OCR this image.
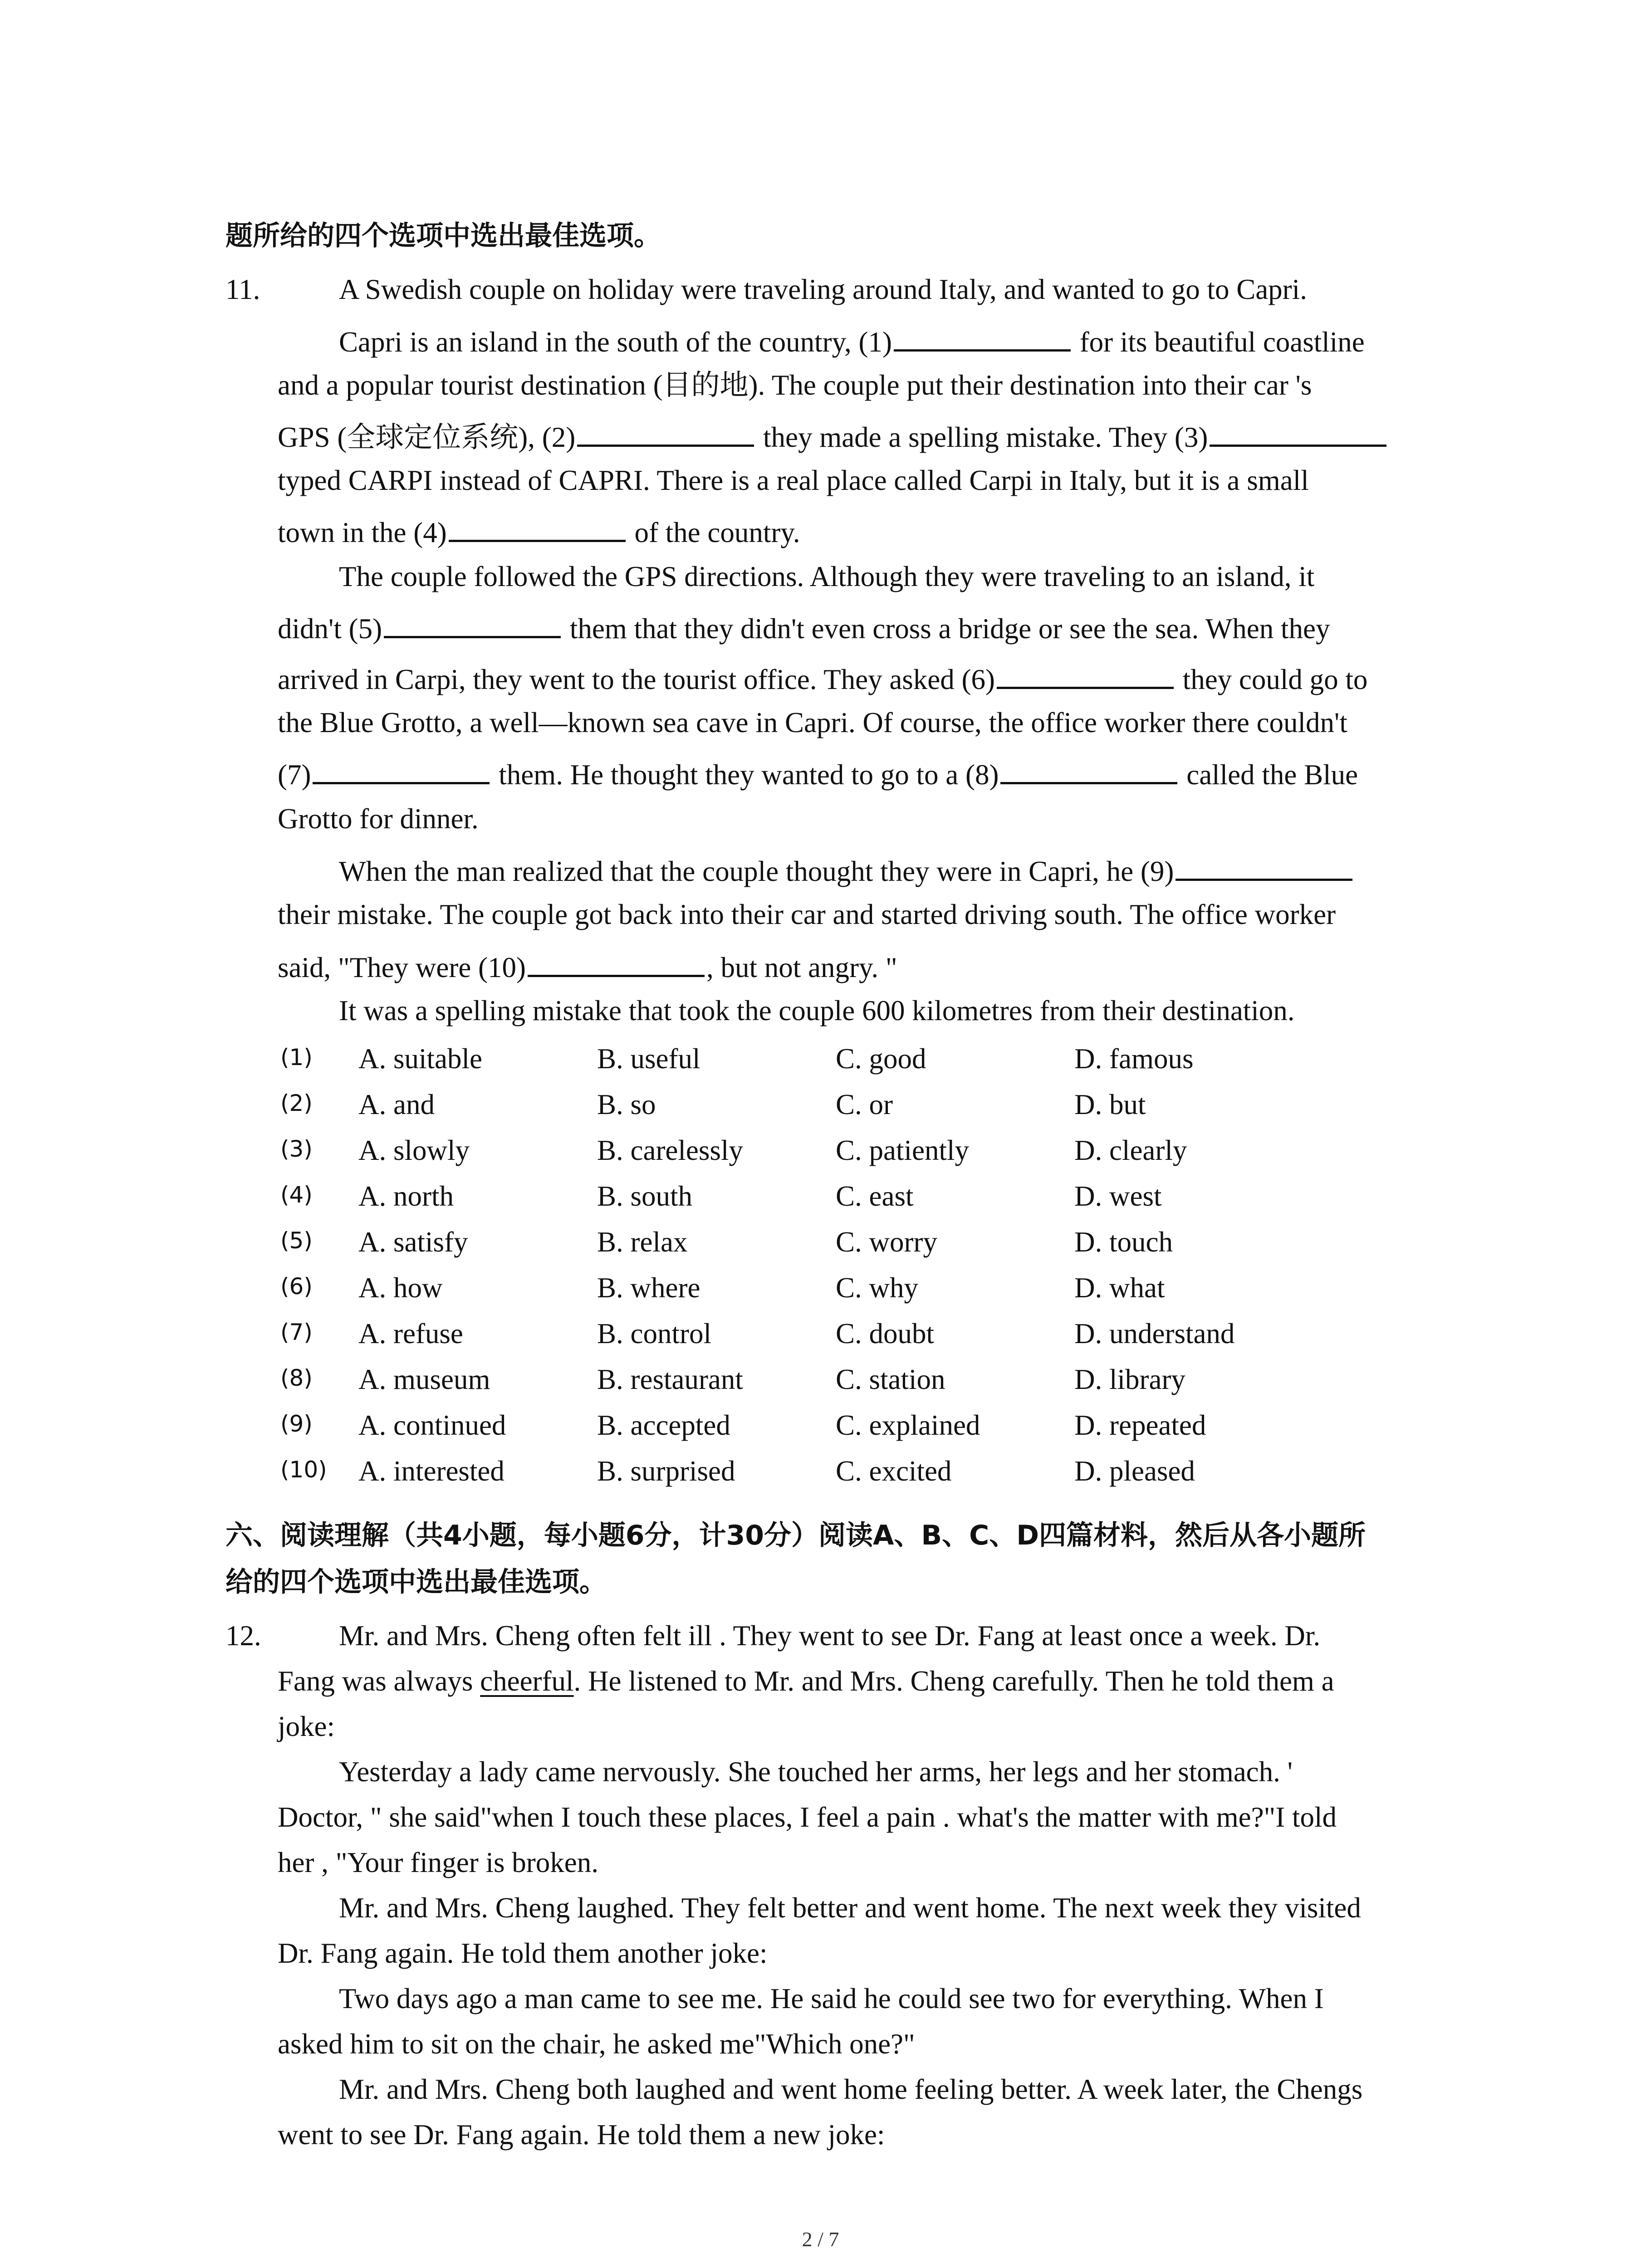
题所给的四个选项中选出最佳选项。
11.	A Swedish couple on holiday were traveling around Italy, and wanted to go to Capri.
Capri is an island in the south of the country, (1)	for its beautiful coastline
and a popular tourist destination (目的地). The couple put their destination into their car 's
GPS (全球定位系统), (2)	they made a spelling mistake. They (3)
typed CARPI instead of CAPRI. There is a real place called Carpi in Italy, but it is a small
town in the (4)	of the country.
The couple followed the GPS directions. Although they were traveling to an island, it
didn't (5)	them that they didn't even cross a bridge or see the sea. When they
arrived in Carpi, they went to the tourist office. They asked (6)	they could go to
the Blue Grotto, a well—known sea cave in Capri. Of course, the office worker there couldn't
(7)	them. He thought they wanted to go to a (8)	called the Blue
Grotto for dinner.
When the man realized that the couple thought they were in Capri, he (9)
their mistake. The couple got back into their car and started driving south. The office worker
said, "They were (10)	, but not angry. "
It was a spelling mistake that took the couple 600 kilometres from their destination.
(1) A. suitable	B. useful	C. good	D. famous
(2) A. and	B. so	C. or	D. but
(3) A. slowly	B. carelessly	C. patiently	D. clearly
(4) A. north	B. south	C. east	D. west
(5) A. satisfy	B. relax	C. worry	D. touch
(6) A. how	B. where	C. why	D. what
(7) A. refuse	B. control	C. doubt	D. understand
(8) A. museum	B. restaurant	C. station	D. library
(9) A. continued	B. accepted	C. explained	D. repeated
(10) A. interested	B. surprised	C. excited	D. pleased
六、阅读理解（共4小题，每小题6分，计30分）阅读A、B、C、D四篇材料，然后从各小题所
给的四个选项中选出最佳选项。
12.	Mr. and Mrs. Cheng often felt ill . They went to see Dr. Fang at least once a week. Dr.
Fang was always cheerful. He listened to Mr. and Mrs. Cheng carefully. Then he told them a
joke:
Yesterday a lady came nervously. She touched her arms, her legs and her stomach. '
Doctor, " she said"when I touch these places, I feel a pain . what's the matter with me?"I told
her , "Your finger is broken.
Mr. and Mrs. Cheng laughed. They felt better and went home. The next week they visited
Dr. Fang again. He told them another joke:
Two days ago a man came to see me. He said he could see two for everything. When I
asked him to sit on the chair, he asked me"Which one?"
Mr. and Mrs. Cheng both laughed and went home feeling better. A week later, the Chengs
went to see Dr. Fang again. He told them a new joke:
2 / 7
